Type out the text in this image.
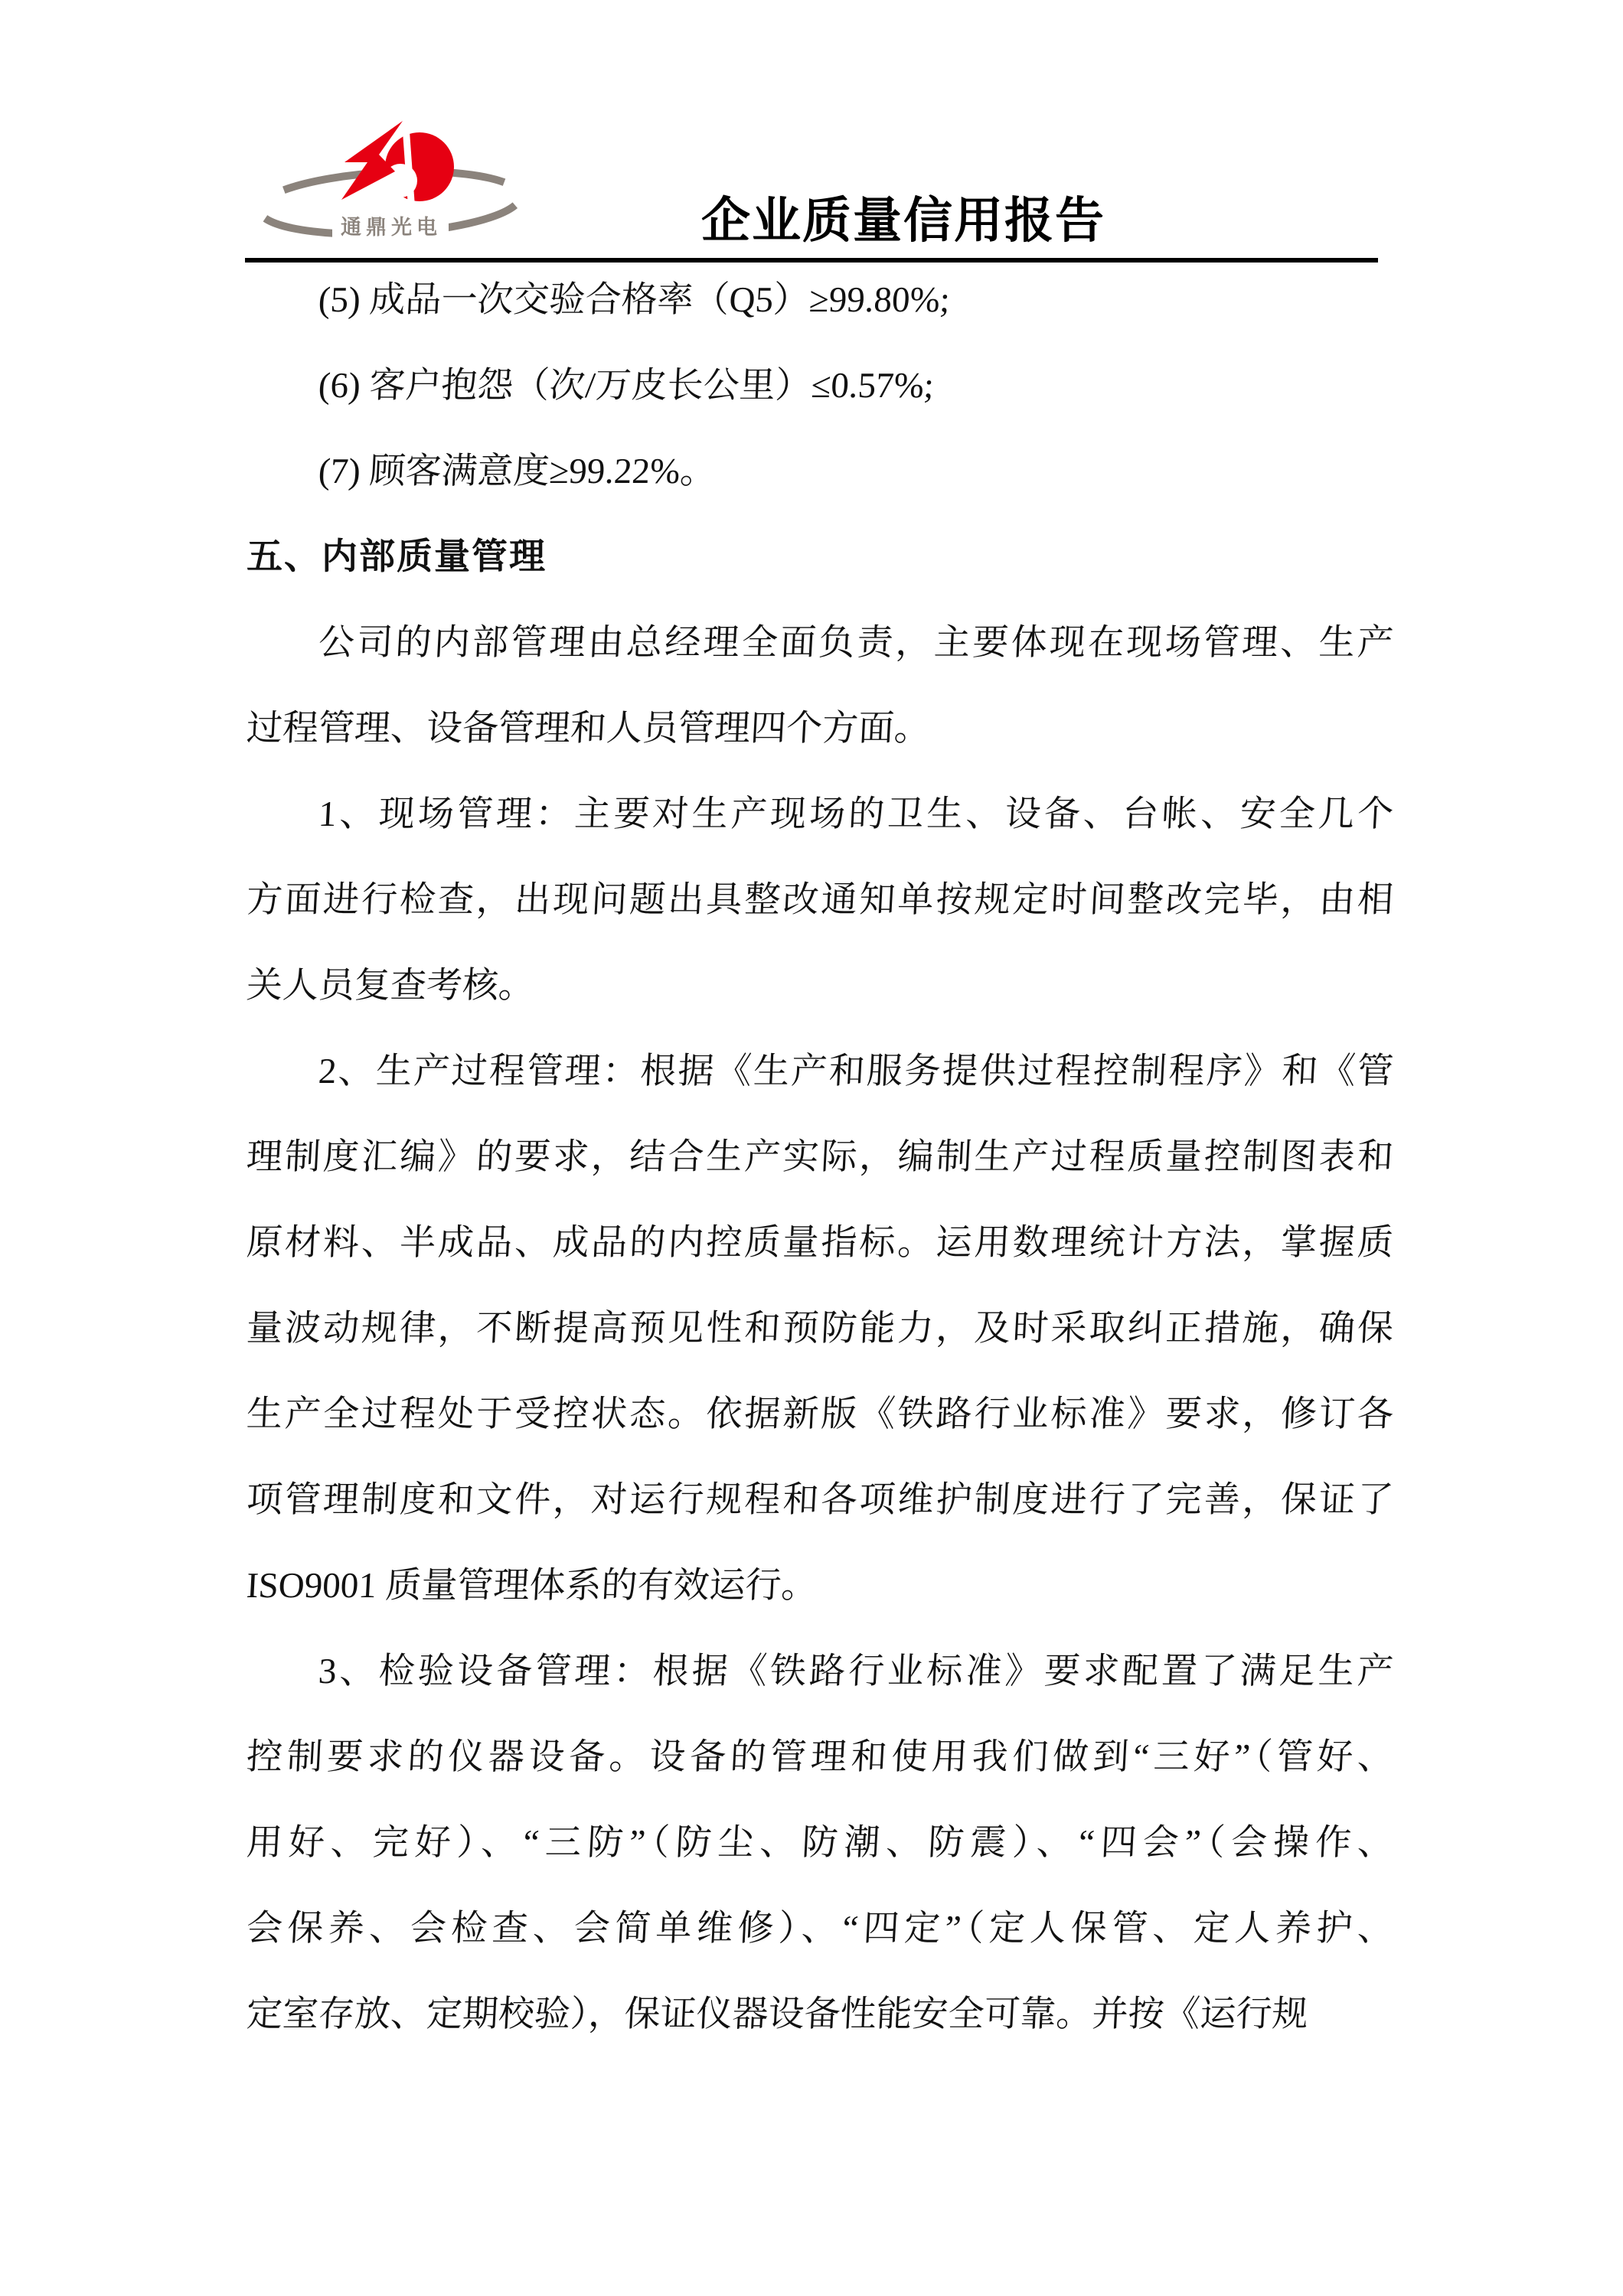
通鼎光电	企业质量信用报告
(5) 成品一次交验合格率（Q5）≥99.80%;
(6) 客户抱怨（次/万皮长公里）≤0.57%;
(7) 顾客满意度≥99.22%。
五、内部质量管理
公司的内部管理由总经理全面负责，主要体现在现场管理、生产
过程管理、设备管理和人员管理四个方面。
1、现场管理：主要对生产现场的卫生、设备、台帐、安全几个
方面进行检查，出现问题出具整改通知单按规定时间整改完毕，由相
关人员复查考核。
2、生产过程管理：根据《生产和服务提供过程控制程序》和《管
理制度汇编》的要求，结合生产实际，编制生产过程质量控制图表和
原材料、半成品、成品的内控质量指标。运用数理统计方法，掌握质
量波动规律，不断提高预见性和预防能力，及时采取纠正措施，确保
生产全过程处于受控状态。依据新版《铁路行业标准》要求，修订各
项管理制度和文件，对运行规程和各项维护制度进行了完善，保证了
ISO9001 质量管理体系的有效运行。
3、检验设备管理：根据《铁路行业标准》要求配置了满足生产
控制要求的仪器设备。设备的管理和使用我们做到“三好”（管好、
用好、完好）、“三防”（防尘、防潮、防震）、“四会”（会操作、
会保养、会检查、会简单维修）、“四定”（定人保管、定人养护、
定室存放、定期校验），保证仪器设备性能安全可靠。并按《运行规
